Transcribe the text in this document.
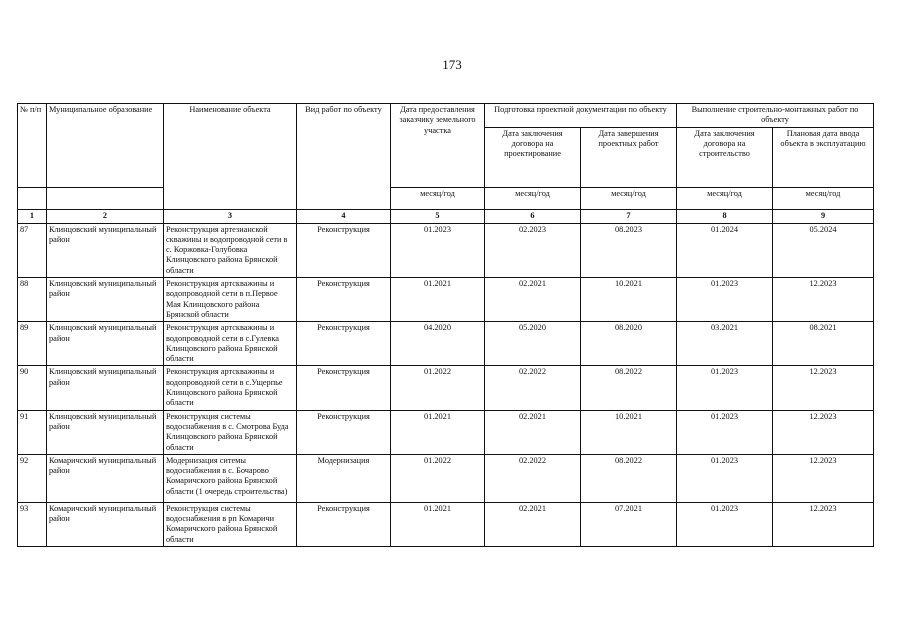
173
№ п/п	Муниципальное образование	Наименование объекта	Вид работ по объекту	Дата предоставления заказчику земельного участка	Подготовка проектной документации по объекту		Выполнение строительно-монтажных работ по объекту	
					Дата заключения договора на проектирование	Дата завершения проектных работ	Дата заключения договора на строительство	Плановая дата ввода объекта в эксплуатацию
				месяц/год	месяц/год	месяц/год	месяц/год	месяц/год
1	2	3	4	5	6	7	8	9
87	Клинцовский муниципальный район	Реконструкция артезианской скважины и водопроводной сети в с. Коржовка-Голубовка Клинцовского района Брянской области	Реконструкция	01.2023	02.2023	08.2023	01.2024	05.2024
88	Клинцовский муниципальный район	Реконструкция артскважины и водопроводной сети в п.Первое Мая Клинцовского района Брянской области	Реконструкция	01.2021	02.2021	10.2021	01.2023	12.2023
89	Клинцовский муниципальный район	Реконструкция артскважины и водопроводной сети в с.Гулевка Клинцовского района Брянской области	Реконструкция	04.2020	05.2020	08.2020	03.2021	08.2021
90	Клинцовский муниципальный район	Реконструкция артскважины и водопроводной сети в с.Ущерпье Клинцовского района Брянской области	Реконструкция	01.2022	02.2022	08.2022	01.2023	12.2023
91	Клинцовский муниципальный район	Реконструкция системы водоснабжения в с. Смотрова Буда Клинцовского района Брянской области	Реконструкция	01.2021	02.2021	10.2021	01.2023	12.2023
92	Комаричский муниципальный район	Модернизация ситемы водоснабжения в с. Бочарово Комаричского района Брянской области (1 очередь строительства)	Модернизация	01.2022	02.2022	08.2022	01.2023	12.2023
93	Комаричский муниципальный район	Реконструкция системы водоснабжения в рп Комаричи Комаричского района Брянской области	Реконструкция	01.2021	02.2021	07.2021	01.2023	12.2023
